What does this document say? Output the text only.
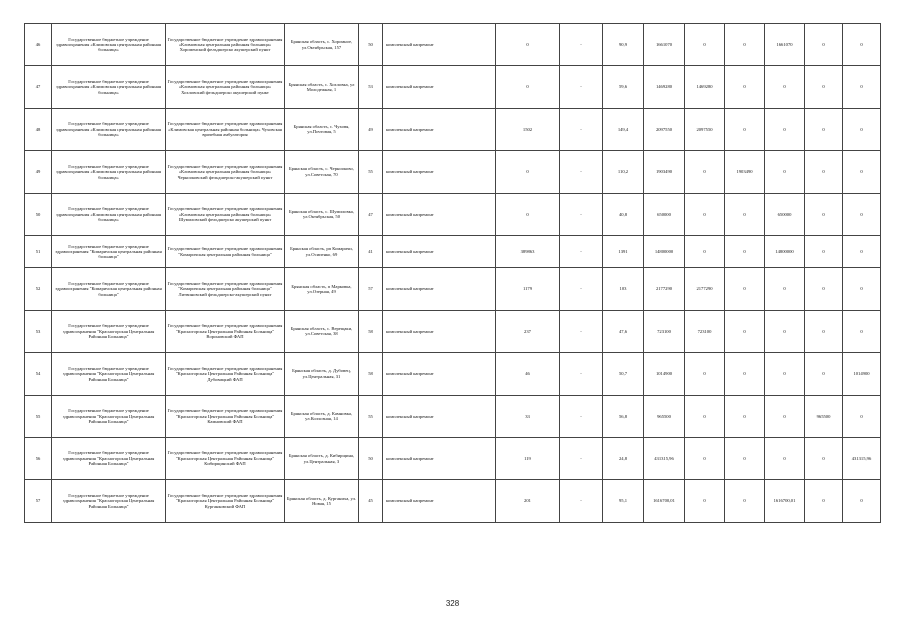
46	Государственное бюджетное учреждение здравоохранения «Климовская центральная районная больница»	Государственное бюджетное учреждение здравоохранения «Климовская центральная районная больница» Хороменский фельдшерско акушерский пункт	Брянская область, с. Хоромное, ул.Октябрьская, 157	50	комплексный капремонт	0	-	90,9	1661070	0	0	1661070	0	0
47	Государственное бюджетное учреждение здравоохранения «Климовская центральная районная больница»	Государственное бюджетное учреждение здравоохранения «Климовская центральная районная больница» Хохловский фельдшерско акушерский пункт	Брянская область, с. Хохловка, ул Молодежная, 1	53	комплексный капремонт	0	-	59,6	1469280	1469280	0	0	0	0
48	Государственное бюджетное учреждение здравоохранения «Климовская центральная районная больница»	Государственное бюджетное учреждение здравоохранения «Климовская центральная районная больница» Чуховская врачебная амбулатория	Брянская область, с. Чуховя, ул.Почтовая, 5	49	комплексный капремонт	1502	-	149,4	2097550	2097550	0	0	0	0
49	Государственное бюджетное учреждение здравоохранения «Климовская центральная районная больница»	Государственное бюджетное учреждение здравоохранения «Климовская центральная районная больница» Чернооковский фельдшерско-акушерский пункт	Брянская область, с. Чернооково, ул.Советская, 70	55	комплексный капремонт	0	-	110,2	1903490	0	1903490	0	0	0
50	Государственное бюджетное учреждение здравоохранения «Климовская центральная районная больница»	Государственное бюджетное учреждение здравоохранения «Климовская центральная районная больница» Шумиловский фельдшерско акушерский пункт	Брянская область, с. Шумиловка, ул.Октябрьская, 50	47	комплексный капремонт	0	-	40,8	650000	0	0	650000	0	0
51	Государственное бюджетное учреждение здравоохранения "Комаричская центральная районная больница"	Государственное бюджетное учреждение здравоохранения "Комаричская центральная районная больница"	Брянская область, рп Комаричи, ул.Осипенко, 69	41	комплексный капремонт	389863	-	1391	14800000	0	0	14800000	0	0
52	Государственное бюджетное учреждение здравоохранения "Комаричская центральная районная больница"	Государственное бюджетное учреждение здравоохранения "Комаричская центральная районная больница" Литвиновский фельдшерско-акушерский пункт	Брянская область, п Марковка, ул.Озерная, 49	57	комплексный капремонт	1179	-	103	2177290	2177290	0	0	0	0
53	Государственное бюджетное учреждение здравоохранения "Красногорская Центральная Районная Больница"	Государственное бюджетное учреждение здравоохранения "Красногорская Центральная Районная Больница" Вороновский ФАП	Брянская область, с. Верещаки, ул.Советская, 38	58	комплексный капремонт	237	-	47,6	723100	723100	0	0	0	0
54	Государственное бюджетное учреждение здравоохранения "Красногорская Центральная Районная Больница"	Государственное бюджетное учреждение здравоохранения "Красногорская Центральная Районная Больница" Дубовицкий ФАП	Брянская область, д. Дубовец, ул.Центральная, 31	58	комплексный капремонт	46	-	50,7	1014900	0	0	0	0	1014900
55	Государственное бюджетное учреждение здравоохранения "Красногорская Центральная Районная Больница"	Государственное бюджетное учреждение здравоохранения "Красногорская Центральная Районная Больница" Камновский ФАП	Брянская область, д. Камновка, ул.Колхозная, 14	55	комплексный капремонт	33	-	56,8	965500	0	0	0	965500	0
56	Государственное бюджетное учреждение здравоохранения "Красногорская Центральная Районная Больница"	Государственное бюджетное учреждение здравоохранения "Красногорская Центральная Районная Больница" Кибирщинский ФАП	Брянская область, д. Кибирщина, ул.Центральная, 3	50	комплексный капремонт	119	-	24,8	431315,96	0	0	0	0	431315,96
57	Государственное бюджетное учреждение здравоохранения "Красногорская Центральная Районная Больница"	Государственное бюджетное учреждение здравоохранения "Красногорская Центральная Районная Больница" Курганковский ФАП	Брянская область, д. Курганиха, ул. Новая, 15	45	комплексный капремонт	201	-	95,1	1616700,01	0	0	1616700,01	0	0
328
